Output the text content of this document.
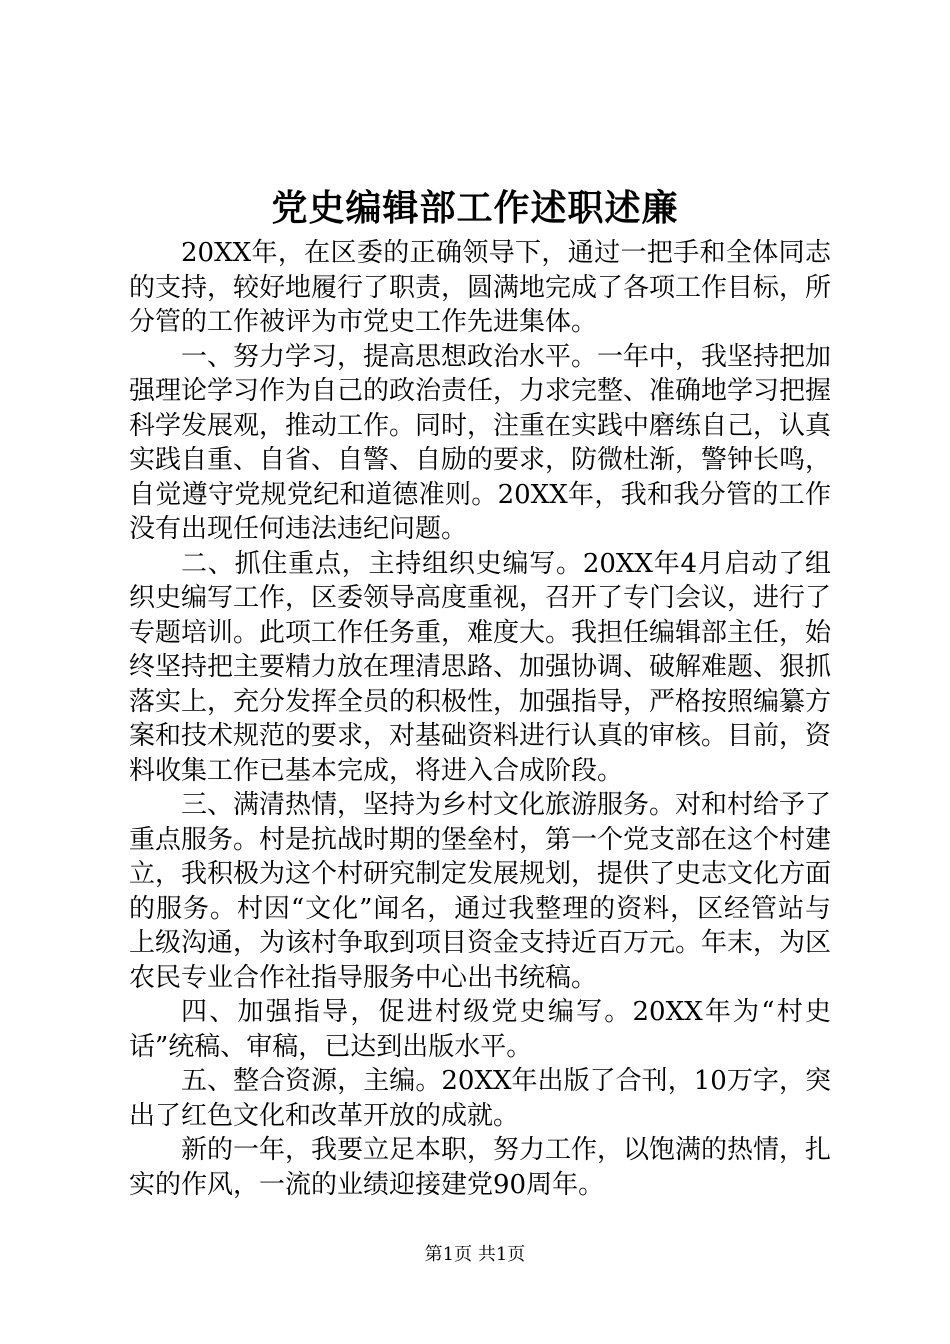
党史编辑部工作述职述廉

20XX年，在区委的正确领导下，通过一把手和全体同志的支持，较好地履行了职责，圆满地完成了各项工作目标，所分管的工作被评为市党史工作先进集体。

一、努力学习，提高思想政治水平。一年中，我坚持把加强理论学习作为自己的政治责任，力求完整、准确地学习把握科学发展观，推动工作。同时，注重在实践中磨练自己，认真实践自重、自省、自警、自励的要求，防微杜渐，警钟长鸣，自觉遵守党规党纪和道德准则。20XX年，我和我分管的工作没有出现任何违法违纪问题。

二、抓住重点，主持组织史编写。20XX年4月启动了组织史编写工作，区委领导高度重视，召开了专门会议，进行了专题培训。此项工作任务重，难度大。我担任编辑部主任，始终坚持把主要精力放在理清思路、加强协调、破解难题、狠抓落实上，充分发挥全员的积极性，加强指导，严格按照编纂方案和技术规范的要求，对基础资料进行认真的审核。目前，资料收集工作已基本完成，将进入合成阶段。

三、满清热情，坚持为乡村文化旅游服务。对和村给予了重点服务。村是抗战时期的堡垒村，第一个党支部在这个村建立，我积极为这个村研究制定发展规划，提供了史志文化方面的服务。村因“文化”闻名，通过我整理的资料，区经管站与上级沟通，为该村争取到项目资金支持近百万元。年末，为区农民专业合作社指导服务中心出书统稿。

四、加强指导，促进村级党史编写。20XX年为“村史话”统稿、审稿，已达到出版水平。

五、整合资源，主编。20XX年出版了合刊，10万字，突出了红色文化和改革开放的成就。

新的一年，我要立足本职，努力工作，以饱满的热情，扎实的作风，一流的业绩迎接建党90周年。

第1页 共1页
